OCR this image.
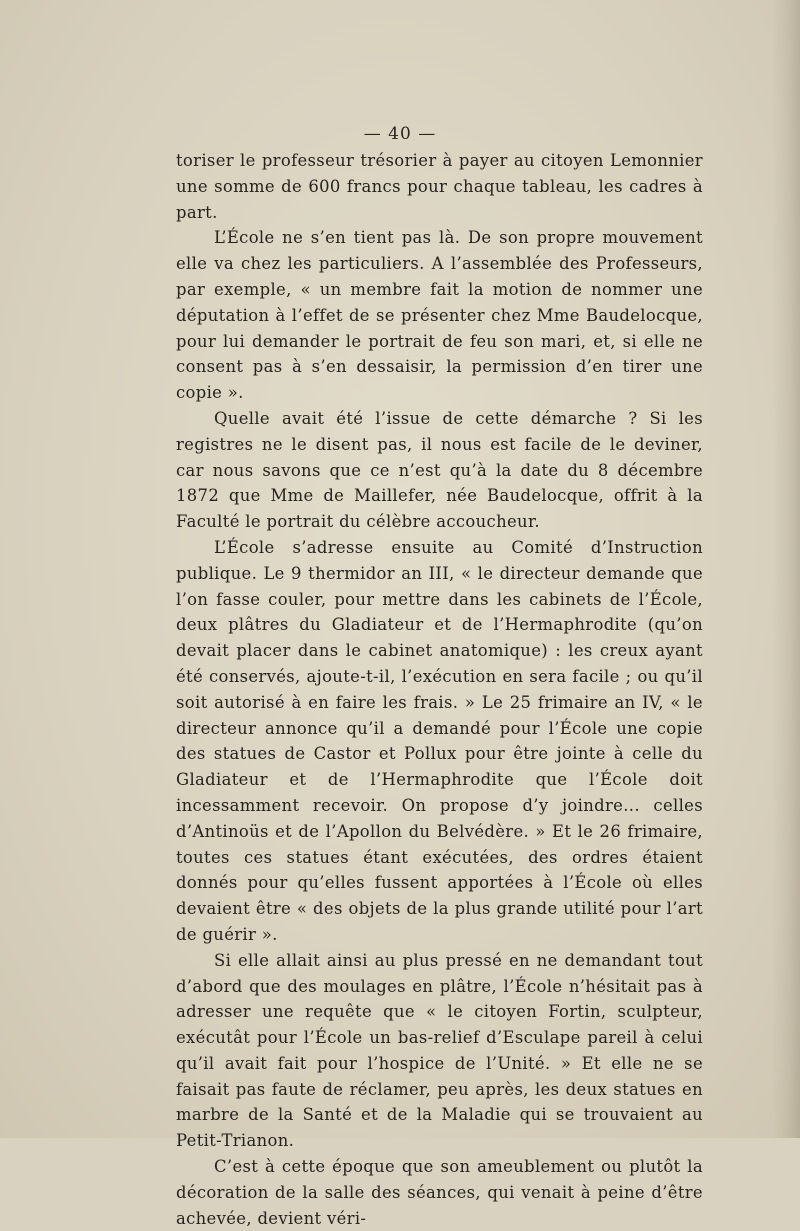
— 40 —

toriser le professeur trésorier à payer au citoyen Lemonnier une somme de 600 francs pour chaque tableau, les cadres à part.

L’École ne s’en tient pas là. De son propre mouvement elle va chez les particuliers. A l’assemblée des Professeurs, par exemple, « un membre fait la motion de nommer une députation à l’effet de se présenter chez Mme Baudelocque, pour lui demander le portrait de feu son mari, et, si elle ne consent pas à s’en dessaisir, la permission d’en tirer une copie ».

Quelle avait été l’issue de cette démarche ? Si les registres ne le disent pas, il nous est facile de le deviner, car nous savons que ce n’est qu’à la date du 8 décembre 1872 que Mme de Maillefer, née Baudelocque, offrit à la Faculté le portrait du célèbre accoucheur.

L’École s’adresse ensuite au Comité d’Instruction publique. Le 9 thermidor an III, « le directeur demande que l’on fasse couler, pour mettre dans les cabinets de l’École, deux plâtres du Gladiateur et de l’Hermaphrodite (qu’on devait placer dans le cabinet anatomique) : les creux ayant été conservés, ajoute-t-il, l’exécution en sera facile ; ou qu’il soit autorisé à en faire les frais. » Le 25 frimaire an IV, « le directeur annonce qu’il a demandé pour l’École une copie des statues de Castor et Pollux pour être jointe à celle du Gladiateur et de l’Hermaphrodite que l’École doit incessamment recevoir. On propose d’y joindre... celles d’Antinoüs et de l’Apollon du Belvédère. » Et le 26 frimaire, toutes ces statues étant exécutées, des ordres étaient donnés pour qu’elles fussent apportées à l’École où elles devaient être « des objets de la plus grande utilité pour l’art de guérir ».

Si elle allait ainsi au plus pressé en ne demandant tout d’abord que des moulages en plâtre, l’École n’hésitait pas à adresser une requête que « le citoyen Fortin, sculpteur, exécutât pour l’École un bas-relief d’Esculape pareil à celui qu’il avait fait pour l’hospice de l’Unité. » Et elle ne se faisait pas faute de réclamer, peu après, les deux statues en marbre de la Santé et de la Maladie qui se trouvaient au Petit-Trianon.

C’est à cette époque que son ameublement ou plutôt la décoration de la salle des séances, qui venait à peine d’être achevée, devient véri-
